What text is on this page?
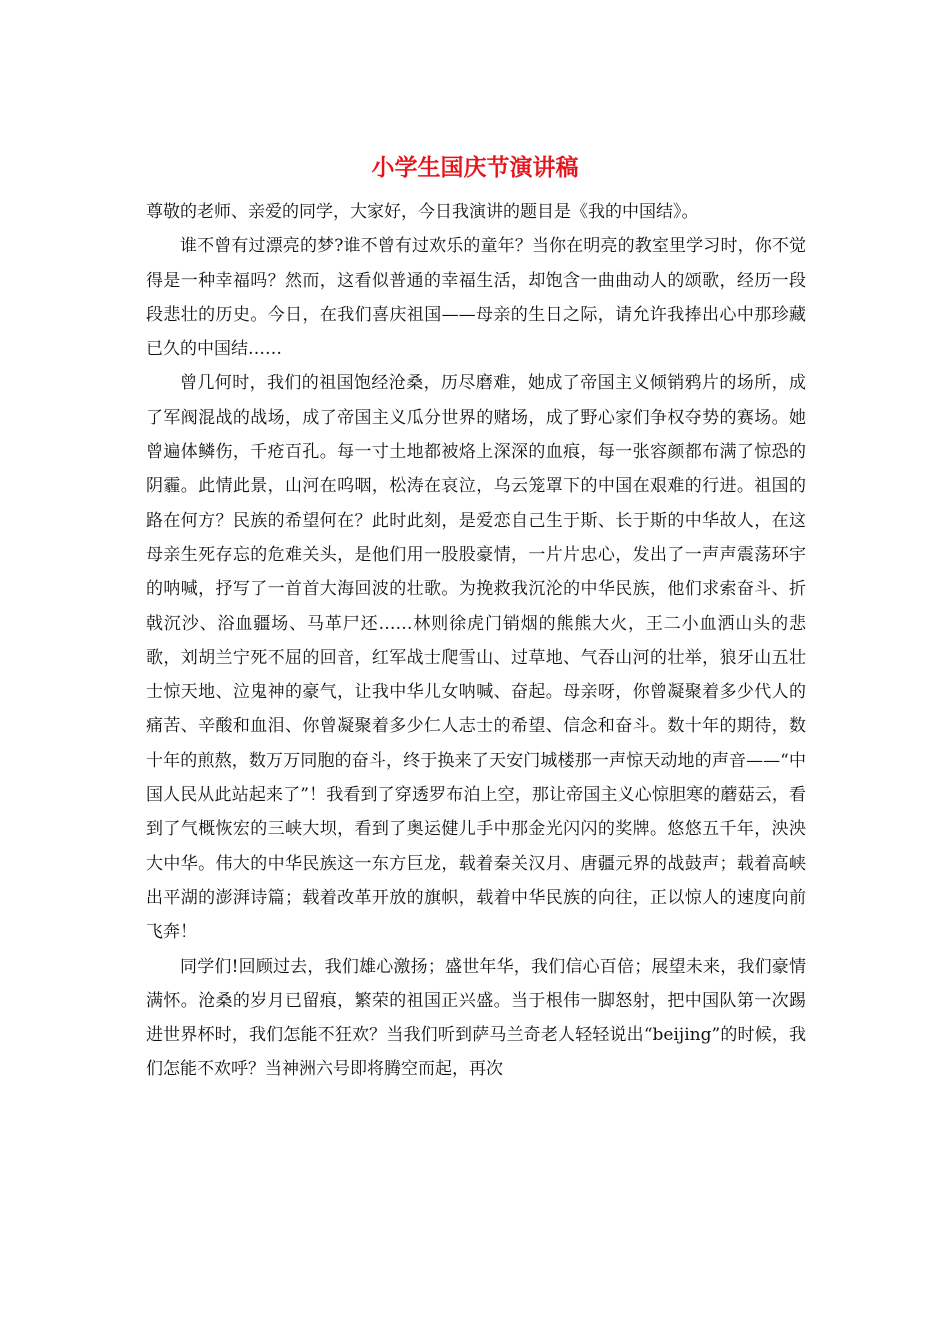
小学生国庆节演讲稿

尊敬的老师、亲爱的同学，大家好，今日我演讲的题目是《我的中国结》。

谁不曾有过漂亮的梦?谁不曾有过欢乐的童年？当你在明亮的教室里学习时，你不觉得是一种幸福吗？然而，这看似普通的幸福生活，却饱含一曲曲动人的颂歌，经历一段段悲壮的历史。今日，在我们喜庆祖国——母亲的生日之际，请允许我捧出心中那珍藏已久的中国结……

曾几何时，我们的祖国饱经沧桑，历尽磨难，她成了帝国主义倾销鸦片的场所，成了军阀混战的战场，成了帝国主义瓜分世界的赌场，成了野心家们争权夺势的赛场。她曾遍体鳞伤，千疮百孔。每一寸土地都被烙上深深的血痕，每一张容颜都布满了惊恐的阴霾。此情此景，山河在呜咽，松涛在哀泣，乌云笼罩下的中国在艰难的行进。祖国的路在何方？民族的希望何在？此时此刻，是爱恋自己生于斯、长于斯的中华故人，在这母亲生死存忘的危难关头，是他们用一股股豪情，一片片忠心，发出了一声声震荡环宇的呐喊，抒写了一首首大海回波的壮歌。为挽救我沉沦的中华民族，他们求索奋斗、折戟沉沙、浴血疆场、马革尸还……林则徐虎门销烟的熊熊大火，王二小血洒山头的悲歌，刘胡兰宁死不屈的回音，红军战士爬雪山、过草地、气吞山河的壮举，狼牙山五壮士惊天地、泣鬼神的豪气，让我中华儿女呐喊、奋起。母亲呀，你曾凝聚着多少代人的痛苦、辛酸和血泪、你曾凝聚着多少仁人志士的希望、信念和奋斗。数十年的期待，数十年的煎熬，数万万同胞的奋斗，终于换来了天安门城楼那一声惊天动地的声音——“中国人民从此站起来了”！我看到了穿透罗布泊上空，那让帝国主义心惊胆寒的蘑菇云，看到了气概恢宏的三峡大坝，看到了奥运健儿手中那金光闪闪的奖牌。悠悠五千年，泱泱大中华。伟大的中华民族这一东方巨龙，载着秦关汉月、唐疆元界的战鼓声；载着高峡出平湖的澎湃诗篇；载着改革开放的旗帜，载着中华民族的向往，正以惊人的速度向前飞奔！

同学们!回顾过去，我们雄心激扬；盛世年华，我们信心百倍；展望未来，我们豪情满怀。沧桑的岁月已留痕，繁荣的祖国正兴盛。当于根伟一脚怒射，把中国队第一次踢进世界杯时，我们怎能不狂欢？当我们听到萨马兰奇老人轻轻说出“beijing”的时候，我们怎能不欢呼？当神洲六号即将腾空而起，再次
